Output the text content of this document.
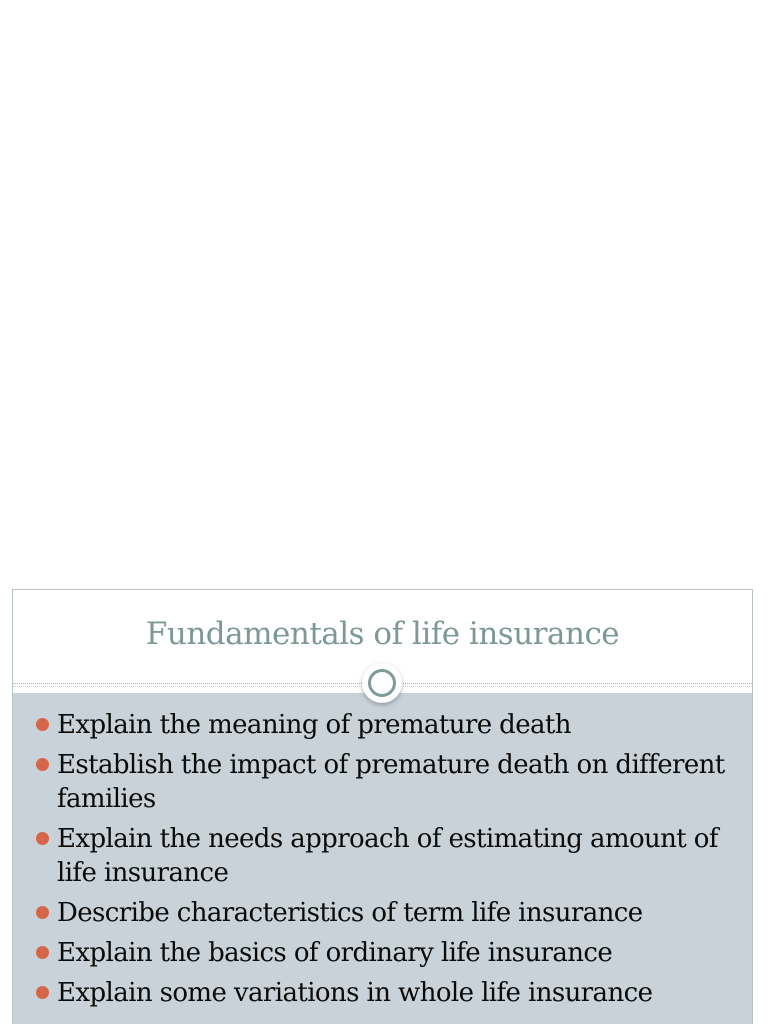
Fundamentals of life insurance
Explain the meaning of premature death
Establish the impact of premature death on different families
Explain the needs approach of estimating amount of life insurance
Describe characteristics of term life insurance
Explain the basics of ordinary life insurance
Explain some variations in whole life insurance
